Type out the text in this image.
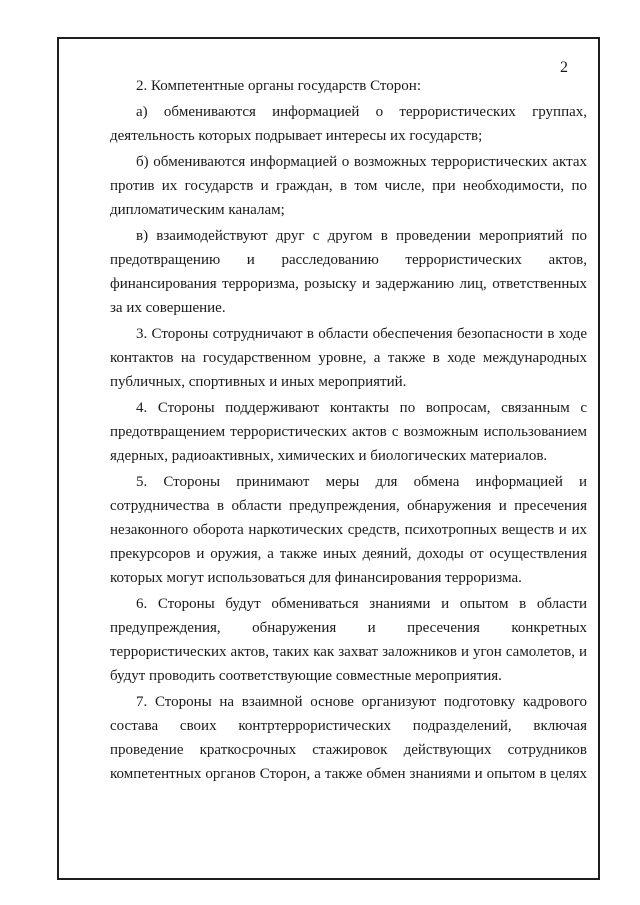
2

2. Компетентные органы государств Сторон:

а) обмениваются информацией о террористических группах, деятельность которых подрывает интересы их государств;

б) обмениваются информацией о возможных террористических актах против их государств и граждан, в том числе, при необходимости, по дипломатическим каналам;

в) взаимодействуют друг с другом в проведении мероприятий по предотвращению и расследованию террористических актов, финансирования терроризма, розыску и задержанию лиц, ответственных за их совершение.

3. Стороны сотрудничают в области обеспечения безопасности в ходе контактов на государственном уровне, а также в ходе международных публичных, спортивных и иных мероприятий.

4. Стороны поддерживают контакты по вопросам, связанным с предотвращением террористических актов с возможным использованием ядерных, радиоактивных, химических и биологических материалов.

5. Стороны принимают меры для обмена информацией и сотрудничества в области предупреждения, обнаружения и пресечения незаконного оборота наркотических средств, психотропных веществ и их прекурсоров и оружия, а также иных деяний, доходы от осуществления которых могут использоваться для финансирования терроризма.

6. Стороны будут обмениваться знаниями и опытом в области предупреждения, обнаружения и пресечения конкретных террористических актов, таких как захват заложников и угон самолетов, и будут проводить соответствующие совместные мероприятия.

7. Стороны на взаимной основе организуют подготовку кадрового состава своих контртеррористических подразделений, включая проведение краткосрочных стажировок действующих сотрудников компетентных органов Сторон, а также обмен знаниями и опытом в целях
